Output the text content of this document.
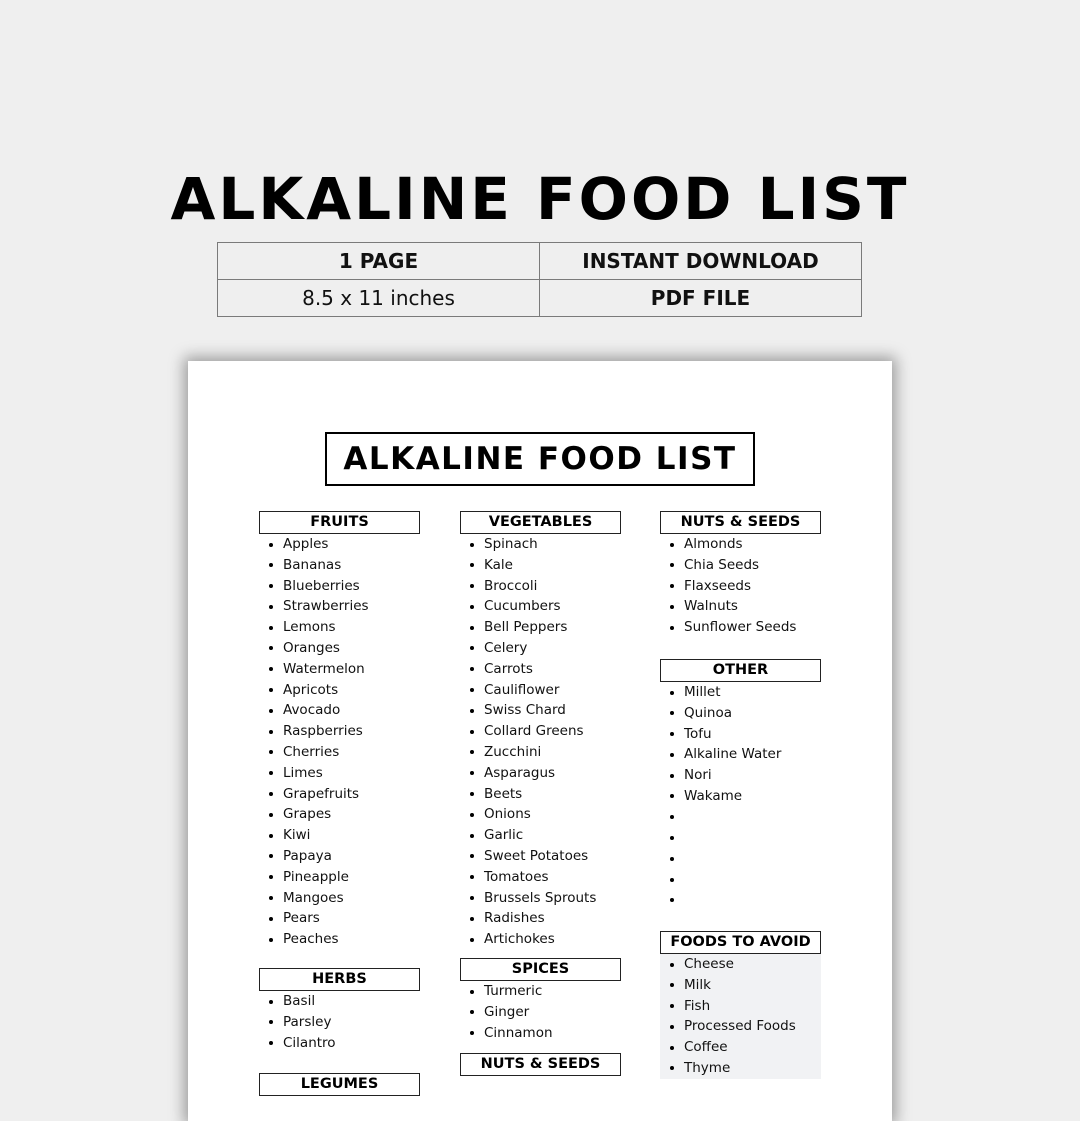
ALKALINE FOOD LIST
1 PAGE	INSTANT DOWNLOAD
8.5 x 11 inches	PDF FILE
ALKALINE FOOD LIST
FRUITS
Apples
Bananas
Blueberries
Strawberries
Lemons
Oranges
Watermelon
Apricots
Avocado
Raspberries
Cherries
Limes
Grapefruits
Grapes
Kiwi
Papaya
Pineapple
Mangoes
Pears
Peaches
HERBS
Basil
Parsley
Cilantro
LEGUMES
VEGETABLES
Spinach
Kale
Broccoli
Cucumbers
Bell Peppers
Celery
Carrots
Cauliflower
Swiss Chard
Collard Greens
Zucchini
Asparagus
Beets
Onions
Garlic
Sweet Potatoes
Tomatoes
Brussels Sprouts
Radishes
Artichokes
SPICES
Turmeric
Ginger
Cinnamon
NUTS & SEEDS
NUTS & SEEDS
Almonds
Chia Seeds
Flaxseeds
Walnuts
Sunflower Seeds
OTHER
Millet
Quinoa
Tofu
Alkaline Water
Nori
Wakame
FOODS TO AVOID
Cheese
Milk
Fish
Processed Foods
Coffee
Thyme
